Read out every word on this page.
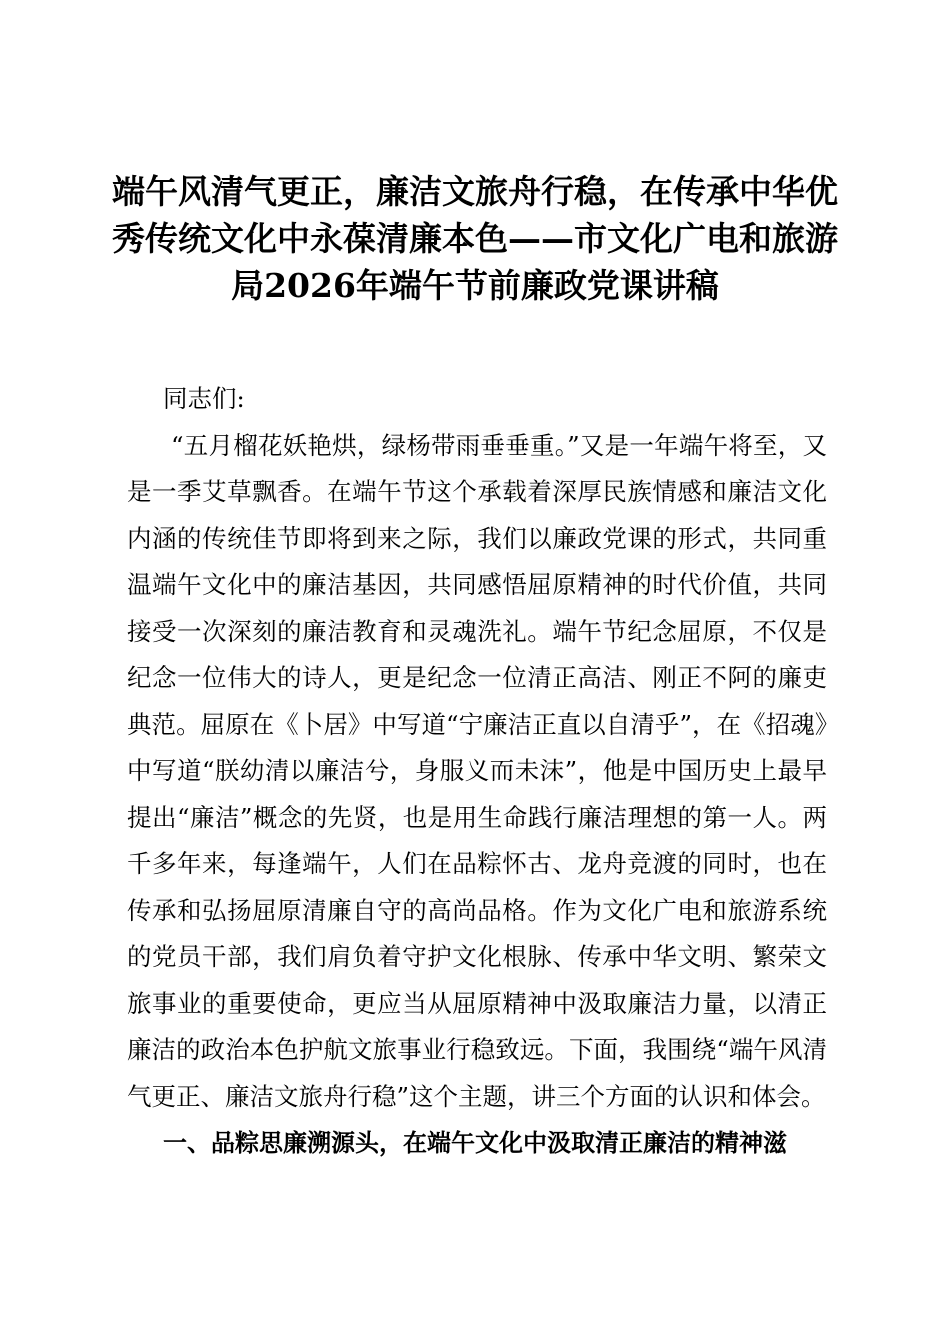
端午风清气更正，廉洁文旅舟行稳，在传承中华优秀传统文化中永葆清廉本色——市文化广电和旅游局2026年端午节前廉政党课讲稿

同志们:

“五月榴花妖艳烘，绿杨带雨垂垂重。”又是一年端午将至，又是一季艾草飘香。在端午节这个承载着深厚民族情感和廉洁文化内涵的传统佳节即将到来之际，我们以廉政党课的形式，共同重温端午文化中的廉洁基因，共同感悟屈原精神的时代价值，共同接受一次深刻的廉洁教育和灵魂洗礼。端午节纪念屈原，不仅是纪念一位伟大的诗人，更是纪念一位清正高洁、刚正不阿的廉吏典范。屈原在《卜居》中写道“宁廉洁正直以自清乎”，在《招魂》中写道“朕幼清以廉洁兮，身服义而未沫”，他是中国历史上最早提出“廉洁”概念的先贤，也是用生命践行廉洁理想的第一人。两千多年来，每逢端午，人们在品粽怀古、龙舟竞渡的同时，也在传承和弘扬屈原清廉自守的高尚品格。作为文化广电和旅游系统的党员干部，我们肩负着守护文化根脉、传承中华文明、繁荣文旅事业的重要使命，更应当从屈原精神中汲取廉洁力量，以清正廉洁的政治本色护航文旅事业行稳致远。下面，我围绕“端午风清气更正、廉洁文旅舟行稳”这个主题，讲三个方面的认识和体会。

一、品粽思廉溯源头，在端午文化中汲取清正廉洁的精神滋
